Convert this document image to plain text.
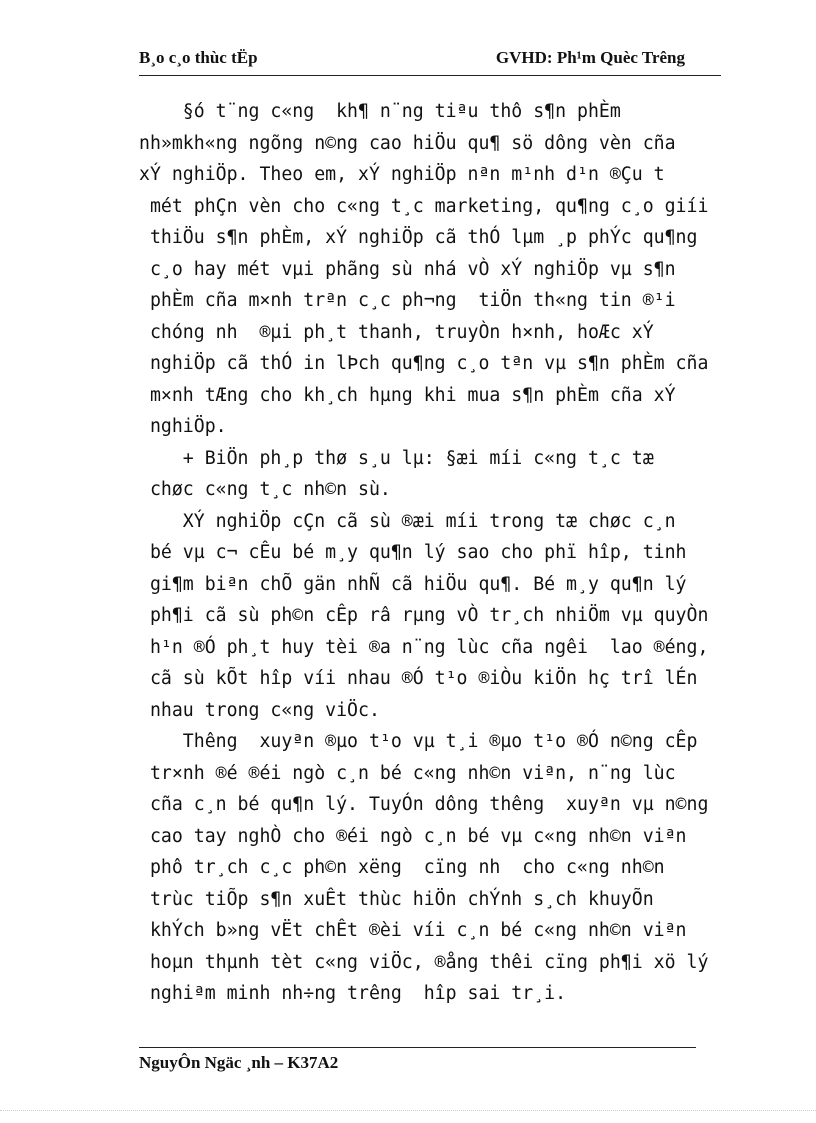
B¸o c¸o thùc tËp	GVHD: Ph¹m Quèc Trêng
§ó t¨ng c«ng  kh¶ n¨ng tiªu thô s¶n phÈm
nh»mkh«ng ngõng n©ng cao hiÖu qu¶ sö dông vèn cña
xÝ nghiÖp. Theo em, xÝ nghiÖp nªn m¹nh d¹n ®Çu t
mét phÇn vèn cho c«ng t¸c marketing, qu¶ng c¸o giíi
thiÖu s¶n phÈm, xÝ nghiÖp cã thÓ lµm ¸p phÝc qu¶ng
c¸o hay mét vµi phãng sù nhá vÒ xÝ nghiÖp vµ s¶n
phÈm cña m×nh trªn c¸c ph¬ng  tiÖn th«ng tin ®¹i
chóng nh  ®µi ph¸t thanh, truyÒn h×nh, hoÆc xÝ
nghiÖp cã thÓ in lÞch qu¶ng c¸o tªn vµ s¶n phÈm cña
m×nh tÆng cho kh¸ch hµng khi mua s¶n phÈm cña xÝ
nghiÖp.
+ BiÖn ph¸p thø s¸u lµ: §æi míi c«ng t¸c tæ
chøc c«ng t¸c nh©n sù.
XÝ nghiÖp cÇn cã sù ®æi míi trong tæ chøc c¸n
bé vµ c¬ cÊu bé m¸y qu¶n lý sao cho phï hîp, tinh
gi¶m biªn chÕ gän nhÑ cã hiÖu qu¶. Bé m¸y qu¶n lý
ph¶i cã sù ph©n cÊp râ rµng vÒ tr¸ch nhiÖm vµ quyÒn
h¹n ®Ó ph¸t huy tèi ®a n¨ng lùc cña ngêi  lao ®éng,
cã sù kÕt hîp víi nhau ®Ó t¹o ®iÒu kiÖn hç trî lÉn
nhau trong c«ng viÖc.
Thêng  xuyªn ®µo t¹o vµ t¸i ®µo t¹o ®Ó n©ng cÊp
tr×nh ®é ®éi ngò c¸n bé c«ng nh©n viªn, n¨ng lùc
cña c¸n bé qu¶n lý. TuyÓn dông thêng  xuyªn vµ n©ng
cao tay nghÒ cho ®éi ngò c¸n bé vµ c«ng nh©n viªn
phô tr¸ch c¸c ph©n xëng  cïng nh  cho c«ng nh©n
trùc tiÕp s¶n xuÊt thùc hiÖn chÝnh s¸ch khuyÕn
khÝch b»ng vËt chÊt ®èi víi c¸n bé c«ng nh©n viªn
hoµn thµnh tèt c«ng viÖc, ®ång thêi cïng ph¶i xö lý
nghiªm minh nh÷ng trêng  hîp sai tr¸i.
NguyÔn Ngäc ¸nh – K37A2
